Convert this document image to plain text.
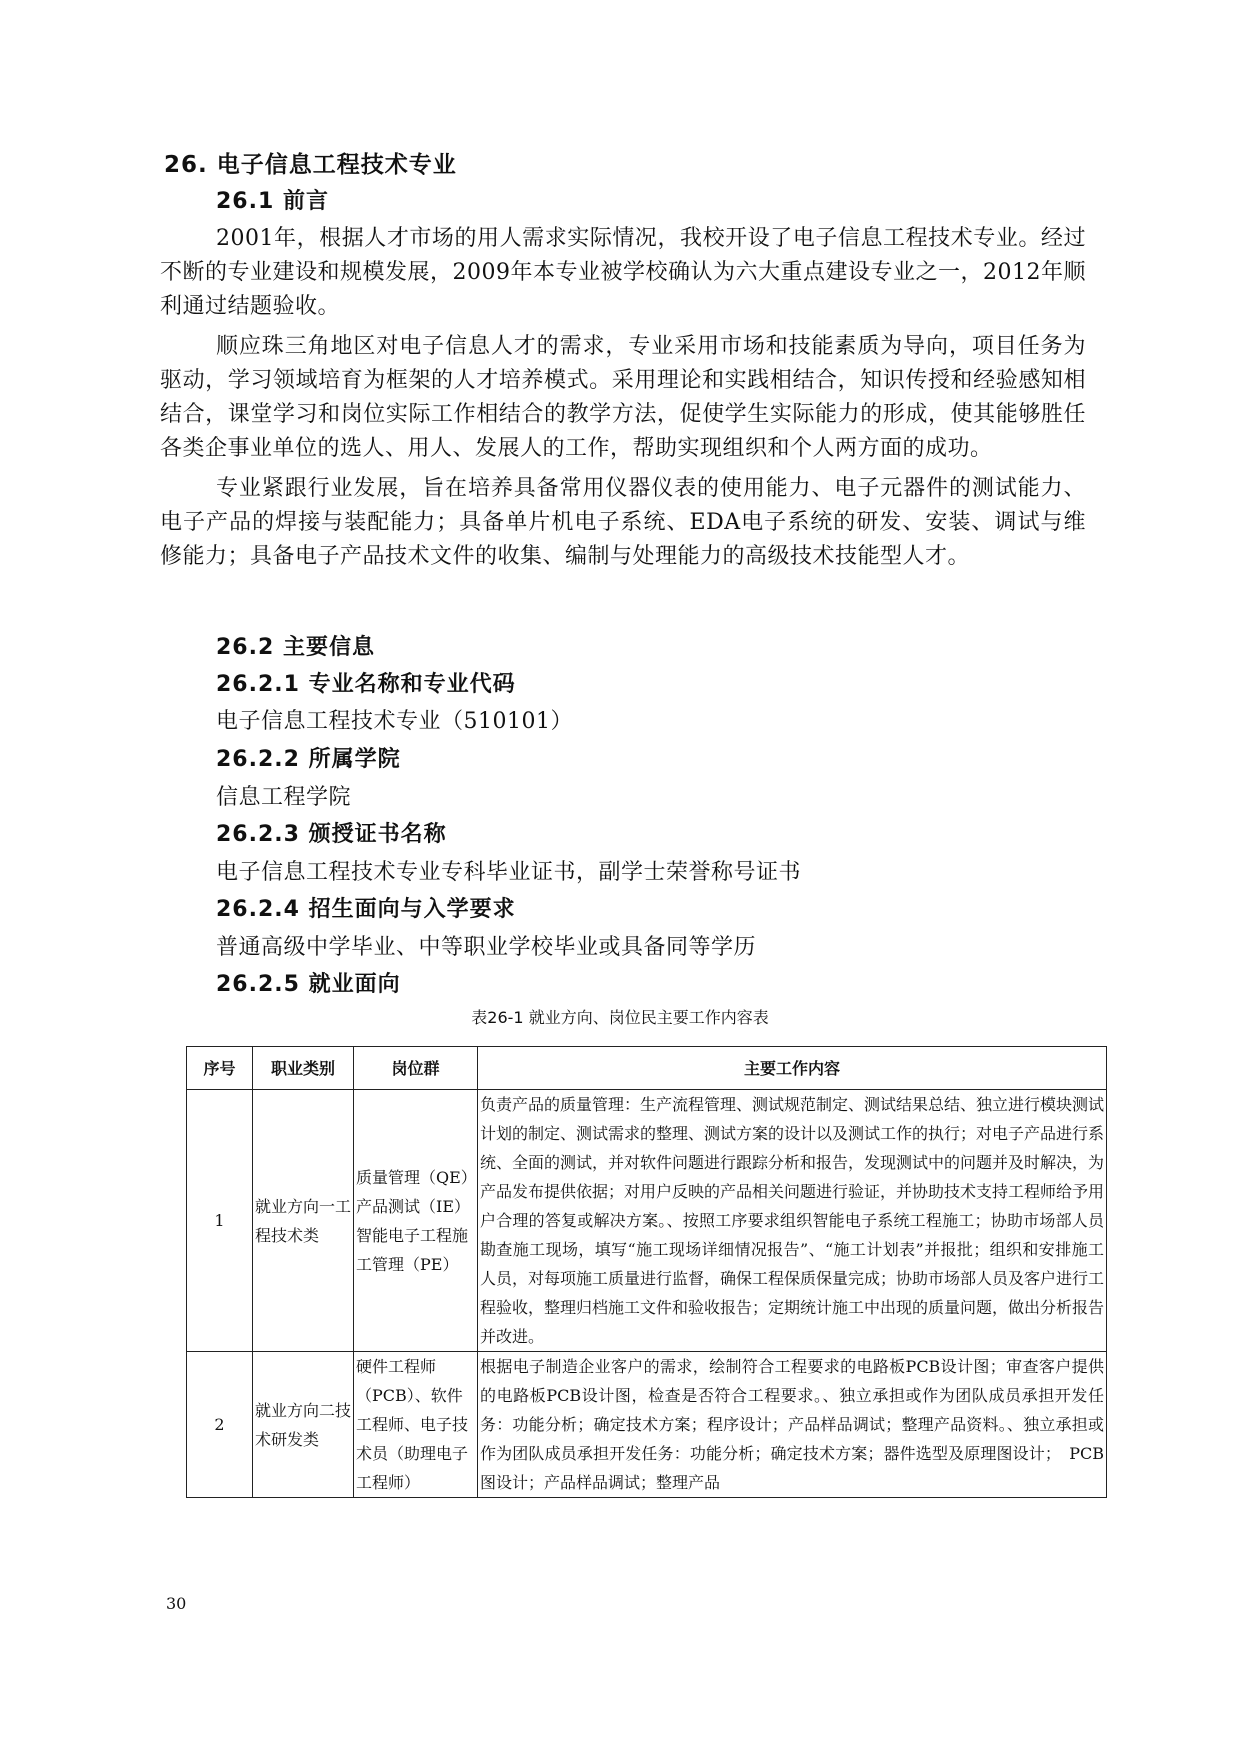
26. 电子信息工程技术专业
26.1 前言

2001年，根据人才市场的用人需求实际情况，我校开设了电子信息工程技术专业。经过不断的专业建设和规模发展，2009年本专业被学校确认为六大重点建设专业之一，2012年顺利通过结题验收。

顺应珠三角地区对电子信息人才的需求，专业采用市场和技能素质为导向，项目任务为驱动，学习领域培育为框架的人才培养模式。采用理论和实践相结合，知识传授和经验感知相结合，课堂学习和岗位实际工作相结合的教学方法，促使学生实际能力的形成，使其能够胜任各类企事业单位的选人、用人、发展人的工作，帮助实现组织和个人两方面的成功。

专业紧跟行业发展，旨在培养具备常用仪器仪表的使用能力、电子元器件的测试能力、电子产品的焊接与装配能力；具备单片机电子系统、EDA电子系统的研发、安装、调试与维修能力；具备电子产品技术文件的收集、编制与处理能力的高级技术技能型人才。

26.2 主要信息
26.2.1 专业名称和专业代码
电子信息工程技术专业（510101）
26.2.2 所属学院
信息工程学院
26.2.3 颁授证书名称
电子信息工程技术专业专科毕业证书，副学士荣誉称号证书
26.2.4 招生面向与入学要求
普通高级中学毕业、中等职业学校毕业或具备同等学历
26.2.5 就业面向
表26-1 就业方向、岗位民主要工作内容表
序号	职业类别	岗位群	主要工作内容
1	就业方向一工程技术类	质量管理（QE）产品测试（IE）智能电子工程施工管理（PE）	负责产品的质量管理：生产流程管理、测试规范制定、测试结果总结、独立进行模块测试计划的制定、测试需求的整理、测试方案的设计以及测试工作的执行；对电子产品进行系统、全面的测试，并对软件问题进行跟踪分析和报告，发现测试中的问题并及时解决，为产品发布提供依据；对用户反映的产品相关问题进行验证，并协助技术支持工程师给予用户合理的答复或解决方案。、按照工序要求组织智能电子系统工程施工；协助市场部人员勘查施工现场，填写“施工现场详细情况报告”、“施工计划表”并报批；组织和安排施工人员，对每项施工质量进行监督，确保工程保质保量完成；协助市场部人员及客户进行工程验收，整理归档施工文件和验收报告；定期统计施工中出现的质量问题，做出分析报告并改进。
2	就业方向二技术研发类	硬件工程师（PCB）、软件工程师、电子技术员（助理电子工程师）	根据电子制造企业客户的需求，绘制符合工程要求的电路板PCB设计图；审查客户提供的电路板PCB设计图，检查是否符合工程要求。、独立承担或作为团队成员承担开发任务：功能分析；确定技术方案；程序设计；产品样品调试；整理产品资料。、独立承担或作为团队成员承担开发任务：功能分析；确定技术方案；器件选型及原理图设计；　PCB图设计；产品样品调试；整理产品
30
